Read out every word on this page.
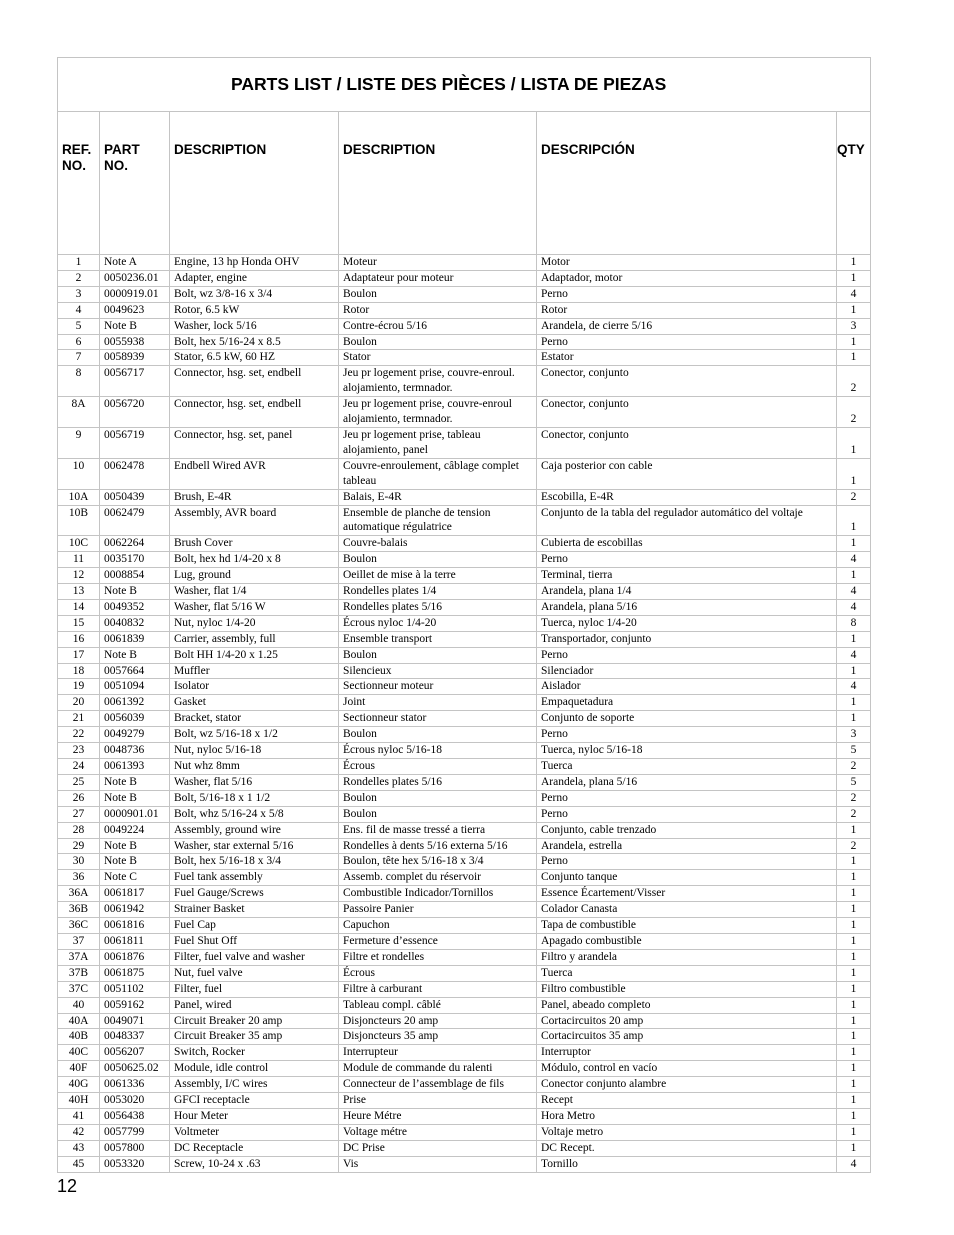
PARTS LIST / LISTE DES PIÈCES / LISTA DE PIEZAS					
REF. NO.	PART NO.	DESCRIPTION	DESCRIPTION	DESCRIPCIÓN	QTY
1	Note A	Engine, 13 hp Honda OHV	Moteur	Motor	1
2	0050236.01	Adapter, engine	Adaptateur pour moteur	Adaptador, motor	1
3	0000919.01	Bolt, wz 3/8-16 x 3/4	Boulon	Perno	4
4	0049623	Rotor, 6.5 kW	Rotor	Rotor	1
5	Note B	Washer, lock 5/16	Contre-écrou 5/16	Arandela, de cierre 5/16	3
6	0055938	Bolt, hex 5/16-24 x 8.5	Boulon	Perno	1
7	0058939	Stator, 6.5 kW, 60 HZ	Stator	Estator	1
8	0056717	Connector, hsg. set, endbell	Jeu pr logement prise, couvre-enroul. alojamiento, termnador.	Conector, conjunto	2
8A	0056720	Connector, hsg. set, endbell	Jeu pr logement prise, couvre-enroul alojamiento, termnador.	Conector, conjunto	2
9	0056719	Connector, hsg. set, panel	Jeu pr logement prise, tableau alojamiento, panel	Conector, conjunto	1
10	0062478	Endbell Wired AVR	Couvre-enroulement, câblage complet tableau	Caja posterior con cable	1
10A	0050439	Brush, E-4R	Balais, E-4R	Escobilla, E-4R	2
10B	0062479	Assembly, AVR board	Ensemble de planche de tension automatique régulatrice	Conjunto de la tabla del regulador automático del voltaje	1
10C	0062264	Brush Cover	Couvre-balais	Cubierta de escobillas	1
11	0035170	Bolt, hex hd 1/4-20 x 8	Boulon	Perno	4
12	0008854	Lug, ground	Oeillet de mise à la terre	Terminal, tierra	1
13	Note B	Washer, flat 1/4	Rondelles plates 1/4	Arandela, plana 1/4	4
14	0049352	Washer, flat 5/16 W	Rondelles plates 5/16	Arandela, plana 5/16	4
15	0040832	Nut, nyloc 1/4-20	Écrous nyloc 1/4-20	Tuerca, nyloc 1/4-20	8
16	0061839	Carrier, assembly, full	Ensemble transport	Transportador, conjunto	1
17	Note B	Bolt HH 1/4-20 x 1.25	Boulon	Perno	4
18	0057664	Muffler	Silencieux	Silenciador	1
19	0051094	Isolator	Sectionneur moteur	Aislador	4
20	0061392	Gasket	Joint	Empaquetadura	1
21	0056039	Bracket, stator	Sectionneur stator	Conjunto de soporte	1
22	0049279	Bolt, wz 5/16-18 x 1/2	Boulon	Perno	3
23	0048736	Nut, nyloc 5/16-18	Écrous nyloc 5/16-18	Tuerca, nyloc 5/16-18	5
24	0061393	Nut whz 8mm	Écrous	Tuerca	2
25	Note B	Washer, flat 5/16	Rondelles plates 5/16	Arandela, plana 5/16	5
26	Note B	Bolt, 5/16-18 x 1 1/2	Boulon	Perno	2
27	0000901.01	Bolt, whz 5/16-24 x 5/8	Boulon	Perno	2
28	0049224	Assembly, ground wire	Ens. fil de masse tressé a tierra	Conjunto, cable trenzado	1
29	Note B	Washer, star external 5/16	Rondelles à dents 5/16 externa 5/16	Arandela, estrella	2
30	Note B	Bolt, hex 5/16-18 x 3/4	Boulon, tête hex 5/16-18 x 3/4	Perno	1
36	Note C	Fuel tank assembly	Assemb. complet du réservoir	Conjunto tanque	1
36A	0061817	Fuel Gauge/Screws	Combustible Indicador/Tornillos	Essence Écartement/Visser	1
36B	0061942	Strainer Basket	Passoire Panier	Colador Canasta	1
36C	0061816	Fuel Cap	Capuchon	Tapa de combustible	1
37	0061811	Fuel Shut Off	Fermeture d’essence	Apagado combustible	1
37A	0061876	Filter, fuel valve and washer	Filtre et rondelles	Filtro y arandela	1
37B	0061875	Nut, fuel valve	Écrous	Tuerca	1
37C	0051102	Filter, fuel	Filtre à carburant	Filtro combustible	1
40	0059162	Panel, wired	Tableau compl. câblé	Panel, abeado completo	1
40A	0049071	Circuit Breaker 20 amp	Disjoncteurs 20 amp	Cortacircuitos 20 amp	1
40B	0048337	Circuit Breaker 35 amp	Disjoncteurs 35 amp	Cortacircuitos 35 amp	1
40C	0056207	Switch, Rocker	Interrupteur	Interruptor	1
40F	0050625.02	Module, idle control	Module de commande du ralenti	Módulo, control en vacío	1
40G	0061336	Assembly, I/C wires	Connecteur de l’assemblage de fils	Conector conjunto alambre	1
40H	0053020	GFCI receptacle	Prise	Recept	1
41	0056438	Hour Meter	Heure Métre	Hora Metro	1
42	0057799	Voltmeter	Voltage métre	Voltaje metro	1
43	0057800	DC Receptacle	DC Prise	DC Recept.	1
45	0053320	Screw, 10-24 x .63	Vis	Tornillo	4
12
